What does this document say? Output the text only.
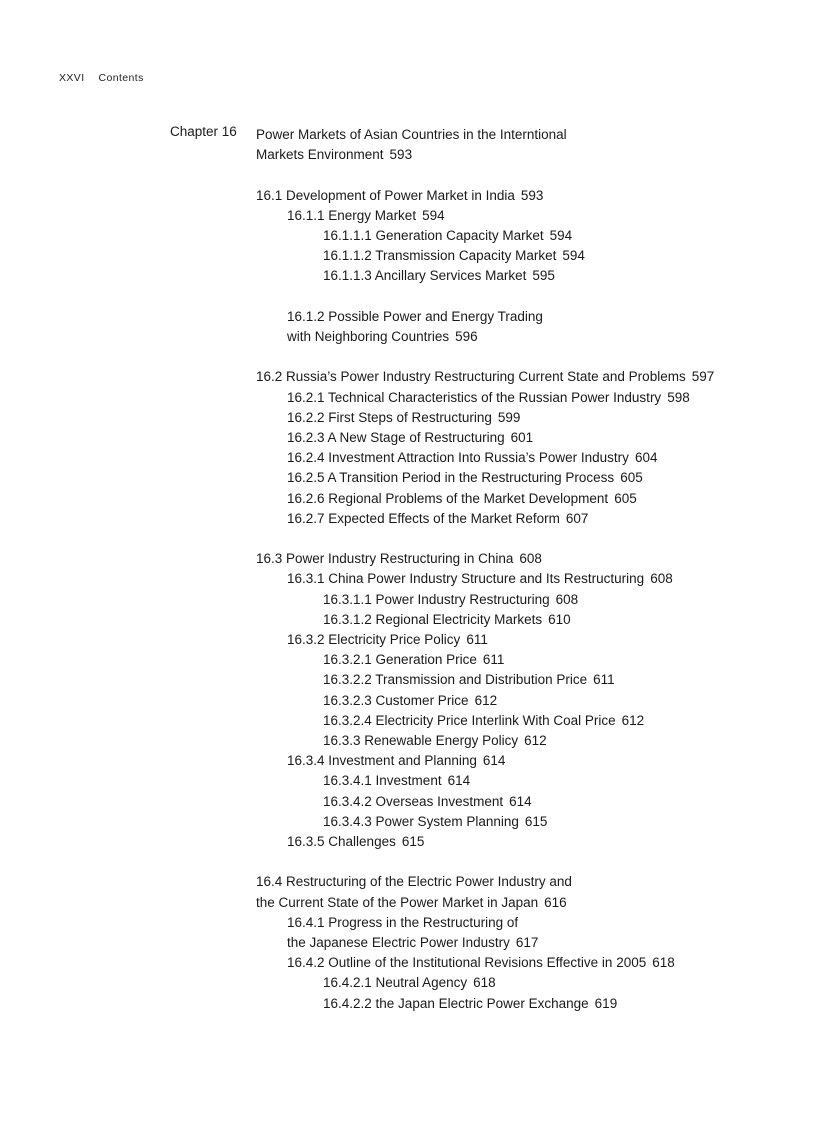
XXVI Contents
Chapter 16 Power Markets of Asian Countries in the Interntional
Markets Environment 593
16.1 Development of Power Market in India 593
16.1.1 Energy Market 594
16.1.1.1 Generation Capacity Market 594
16.1.1.2 Transmission Capacity Market 594
16.1.1.3 Ancillary Services Market 595
16.1.2 Possible Power and Energy Trading
with Neighboring Countries 596
16.2 Russia’s Power Industry Restructuring Current State and Problems 597
16.2.1 Technical Characteristics of the Russian Power Industry 598
16.2.2 First Steps of Restructuring 599
16.2.3 A New Stage of Restructuring 601
16.2.4 Investment Attraction Into Russia’s Power Industry 604
16.2.5 A Transition Period in the Restructuring Process 605
16.2.6 Regional Problems of the Market Development 605
16.2.7 Expected Effects of the Market Reform 607
16.3 Power Industry Restructuring in China 608
16.3.1 China Power Industry Structure and Its Restructuring 608
16.3.1.1 Power Industry Restructuring 608
16.3.1.2 Regional Electricity Markets 610
16.3.2 Electricity Price Policy 611
16.3.2.1 Generation Price 611
16.3.2.2 Transmission and Distribution Price 611
16.3.2.3 Customer Price 612
16.3.2.4 Electricity Price Interlink With Coal Price 612
16.3.3 Renewable Energy Policy 612
16.3.4 Investment and Planning 614
16.3.4.1 Investment 614
16.3.4.2 Overseas Investment 614
16.3.4.3 Power System Planning 615
16.3.5 Challenges 615
16.4 Restructuring of the Electric Power Industry and
the Current State of the Power Market in Japan 616
16.4.1 Progress in the Restructuring of
the Japanese Electric Power Industry 617
16.4.2 Outline of the Institutional Revisions Effective in 2005 618
16.4.2.1 Neutral Agency 618
16.4.2.2 the Japan Electric Power Exchange 619
